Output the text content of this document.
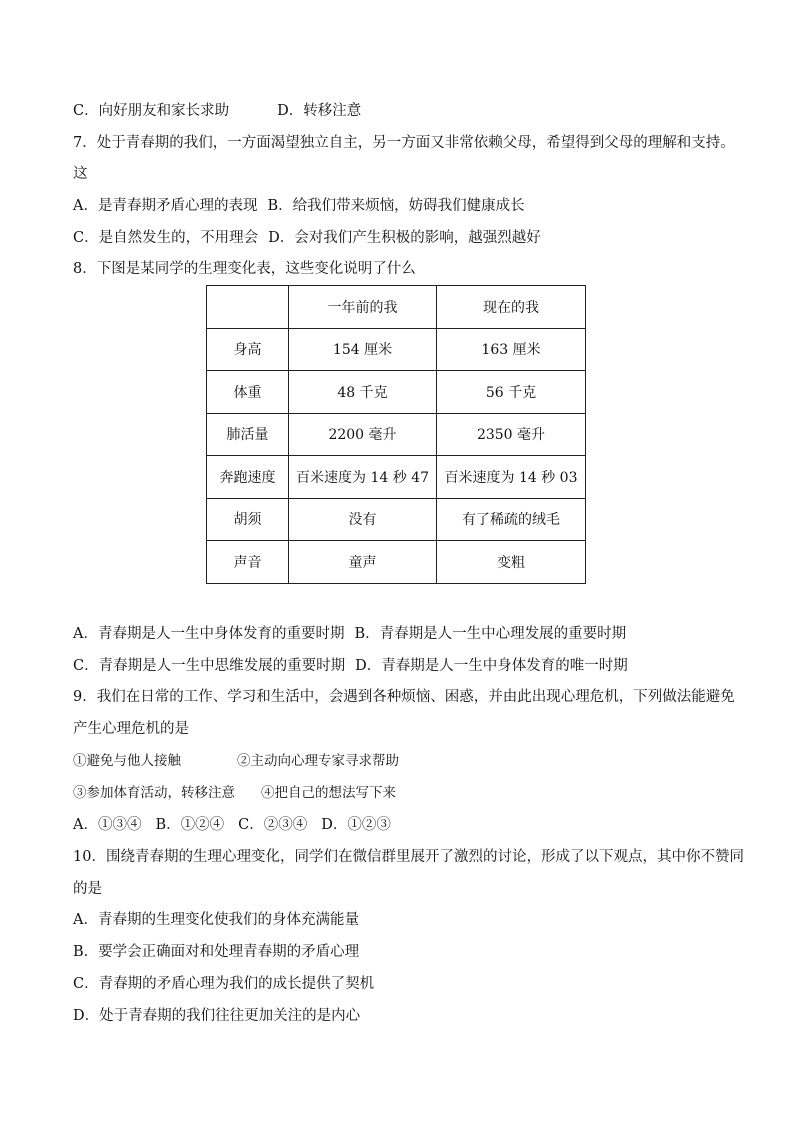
C．向好朋友和家长求助	D．转移注意
7．处于青春期的我们，一方面渴望独立自主，另一方面又非常依赖父母，希望得到父母的理解和支持。
这
A．是青春期矛盾心理的表现 B．给我们带来烦恼，妨碍我们健康成长
C．是自然发生的，不用理会 D．会对我们产生积极的影响，越强烈越好
8．下图是某同学的生理变化表，这些变化说明了什么
	一年前的我	现在的我
身高	154 厘米	163 厘米
体重	48 千克	56 千克
肺活量	2200 毫升	2350 毫升
奔跑速度	百米速度为 14 秒 47	百米速度为 14 秒 03
胡须	没有	有了稀疏的绒毛
声音	童声	变粗
A．青春期是人一生中身体发育的重要时期 B．青春期是人一生中心理发展的重要时期
C．青春期是人一生中思维发展的重要时期 D．青春期是人一生中身体发育的唯一时期
9．我们在日常的工作、学习和生活中，会遇到各种烦恼、困惑，并由此出现心理危机，下列做法能避免
产生心理危机的是
①避免与他人接触	②主动向心理专家寻求帮助
③参加体育活动，转移注意 ④把自己的想法写下来
A．①③④ B．①②④ C．②③④ D．①②③
10．围绕青春期的生理心理变化，同学们在微信群里展开了激烈的讨论，形成了以下观点，其中你不赞同
的是
A．青春期的生理变化使我们的身体充满能量
B．要学会正确面对和处理青春期的矛盾心理
C．青春期的矛盾心理为我们的成长提供了契机
D．处于青春期的我们往往更加关注的是内心
